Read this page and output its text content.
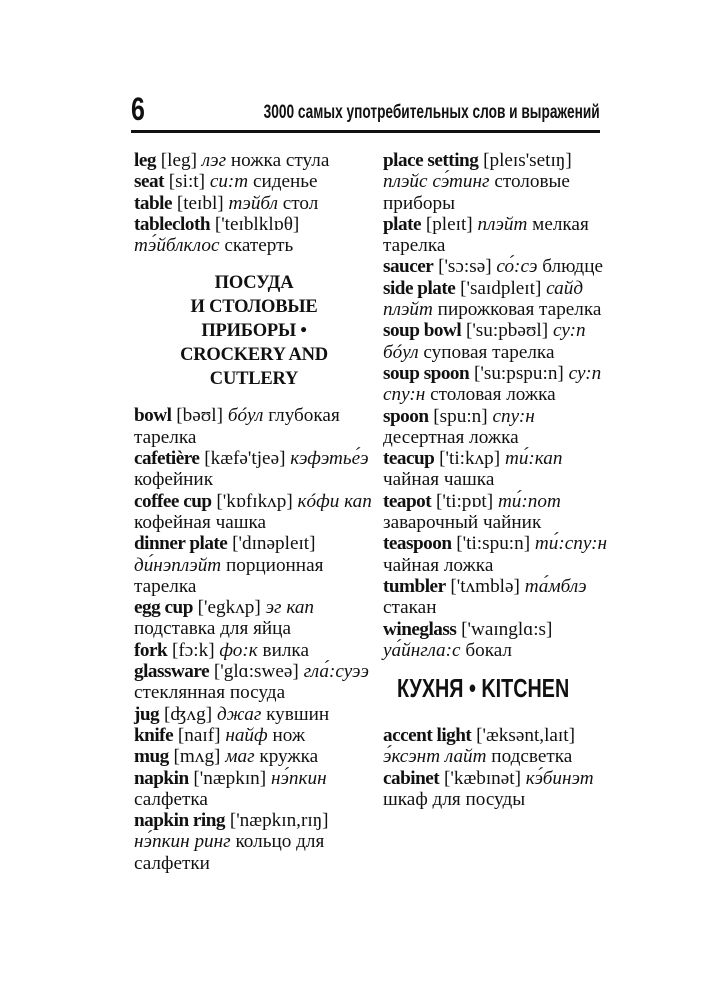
6	3000 самых употребительных слов и выражений

leg [leg] лэг ножка стула

seat [si:t] си:т сиденье

table [teɪbl] тэйбл стол

tablecloth ['teɪblklɒθ] тэ́йблклос скатерть

ПОСУДА
И СТОЛОВЫЕ
ПРИБОРЫ •
CROCKERY AND
CUTLERY

bowl [bəʊl] бóул глубокая тарелка

cafetière [kæfə'tjeə] кэфэтье́э кофейник

coffee cup ['kɒfɪkʌp] кóфи кап кофейная чашка

dinner plate ['dɪnəpleɪt] ди́нэплэйт порционная тарелка

egg cup ['egkʌp] эг кап подставка для яйца

fork [fɔ:k] фо:к вилка

glassware ['glɑ:sweə] гла́:суээ стеклянная посуда

jug [ʤʌg] джаг кувшин

knife [naɪf] найф нож

mug [mʌg] маг кружка

napkin ['næpkɪn] нэ́пкин салфетка

napkin ring ['næpkɪn,rɪŋ] нэ́пкин ринг кольцо для салфетки

place setting [pleɪs'setɪŋ] плэйс сэ́тинг столовые приборы

plate [pleɪt] плэйт мелкая тарелка

saucer ['sɔ:sə] со́:сэ блюдце

side plate ['saɪdpleɪt] сайд плэйт пирожковая тарелка

soup bowl ['su:pbəʊl] су:п бóул суповая тарелка

soup spoon ['su:pspu:n] су:п спу:н столовая ложка

spoon [spu:n] спу:н десертная ложка

teacup ['ti:kʌp] ти́:кап чайная чашка

teapot ['ti:pɒt] ти́:пот заварочный чайник

teaspoon ['ti:spu:n] ти́:спу:н чайная ложка

tumbler ['tʌmblə] та́мблэ стакан

wineglass ['waɪnglɑ:s] уа́йнгла:с бокал

КУХНЯ • KITCHEN

accent light ['æksənt,laɪt] э́ксэнт лайт подсветка

cabinet ['kæbɪnət] кэ́бинэт шкаф для посуды
